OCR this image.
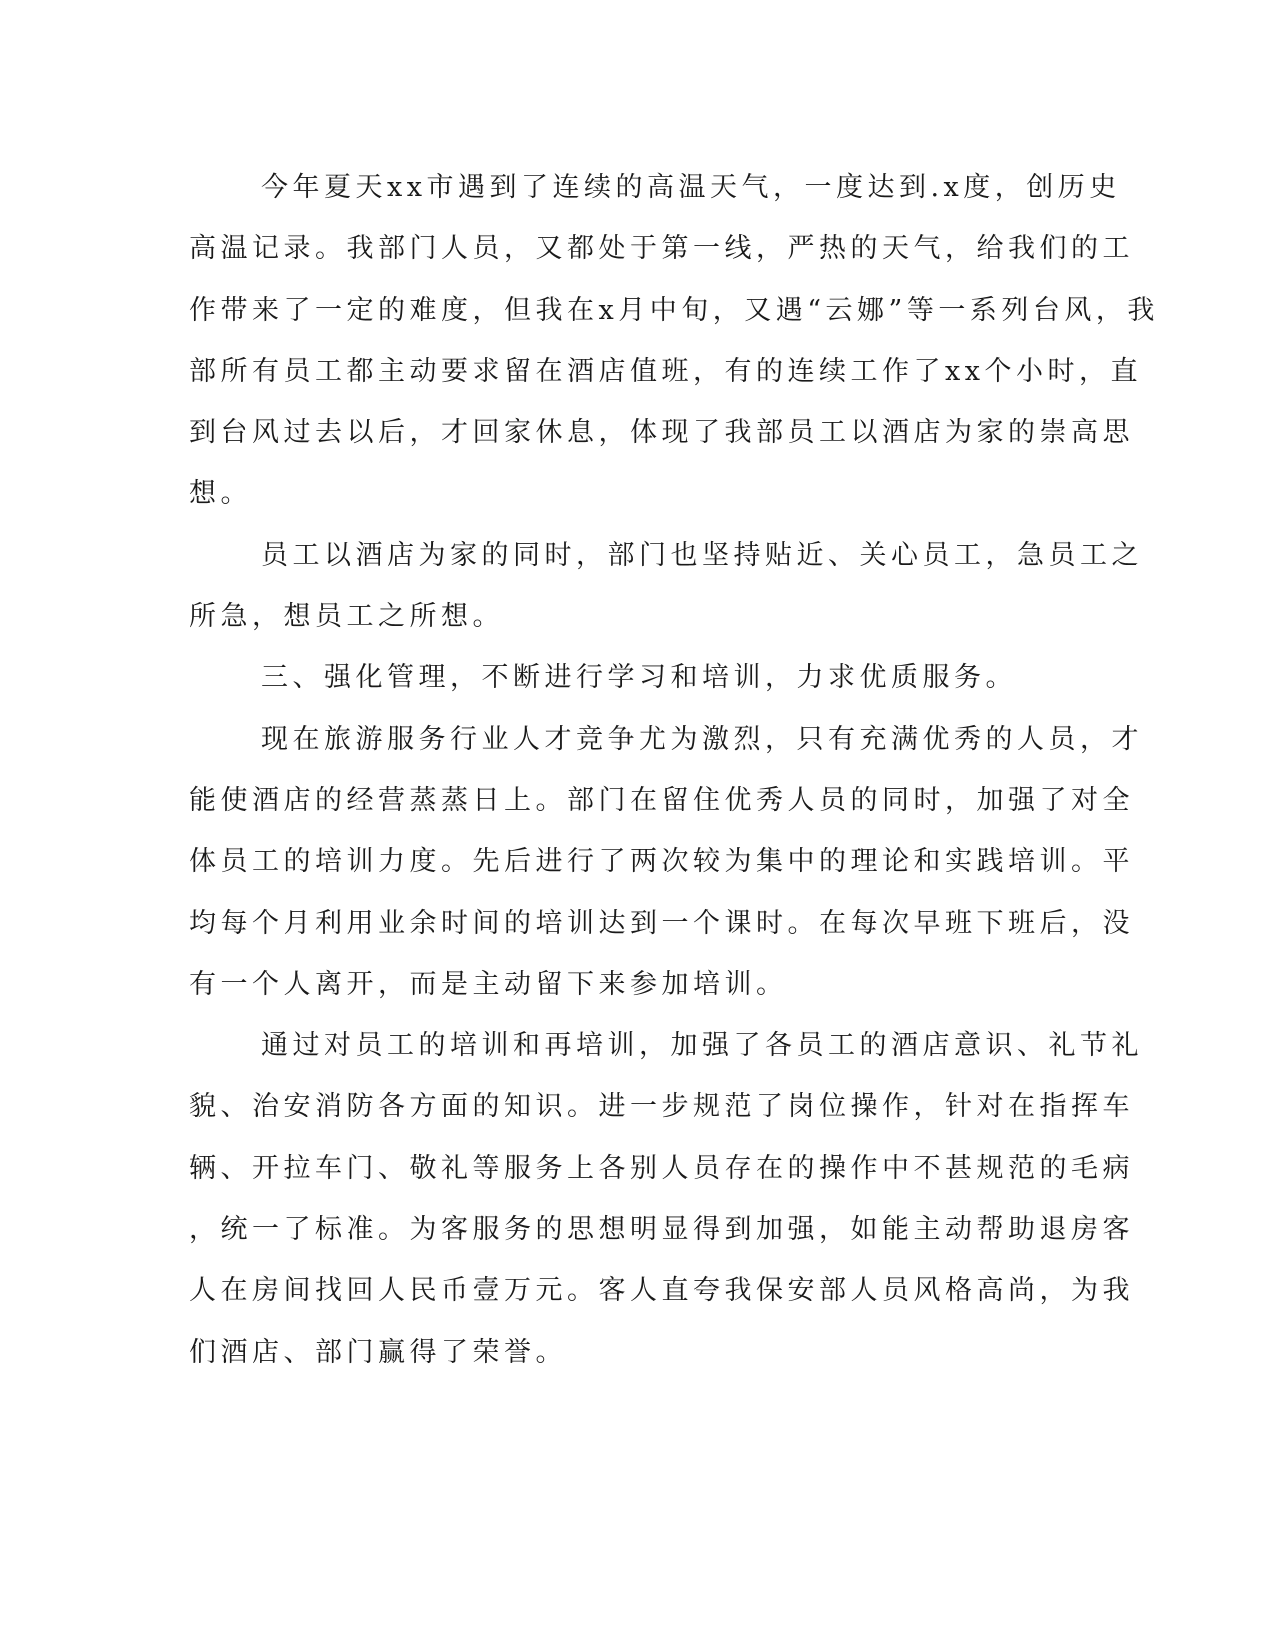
今年夏天xx市遇到了连续的高温天气，一度达到.x度，创历史
高温记录。我部门人员，又都处于第一线，严热的天气，给我们的工
作带来了一定的难度，但我在x月中旬，又遇“云娜”等一系列台风，我
部所有员工都主动要求留在酒店值班，有的连续工作了xx个小时，直
到台风过去以后，才回家休息，体现了我部员工以酒店为家的崇高思
想。
员工以酒店为家的同时，部门也坚持贴近、关心员工，急员工之
所急，想员工之所想。
三、强化管理，不断进行学习和培训，力求优质服务。
现在旅游服务行业人才竞争尤为激烈，只有充满优秀的人员，才
能使酒店的经营蒸蒸日上。部门在留住优秀人员的同时，加强了对全
体员工的培训力度。先后进行了两次较为集中的理论和实践培训。平
均每个月利用业余时间的培训达到一个课时。在每次早班下班后，没
有一个人离开，而是主动留下来参加培训。
通过对员工的培训和再培训，加强了各员工的酒店意识、礼节礼
貌、治安消防各方面的知识。进一步规范了岗位操作，针对在指挥车
辆、开拉车门、敬礼等服务上各别人员存在的操作中不甚规范的毛病
，统一了标准。为客服务的思想明显得到加强，如能主动帮助退房客
人在房间找回人民币壹万元。客人直夸我保安部人员风格高尚，为我
们酒店、部门赢得了荣誉。
